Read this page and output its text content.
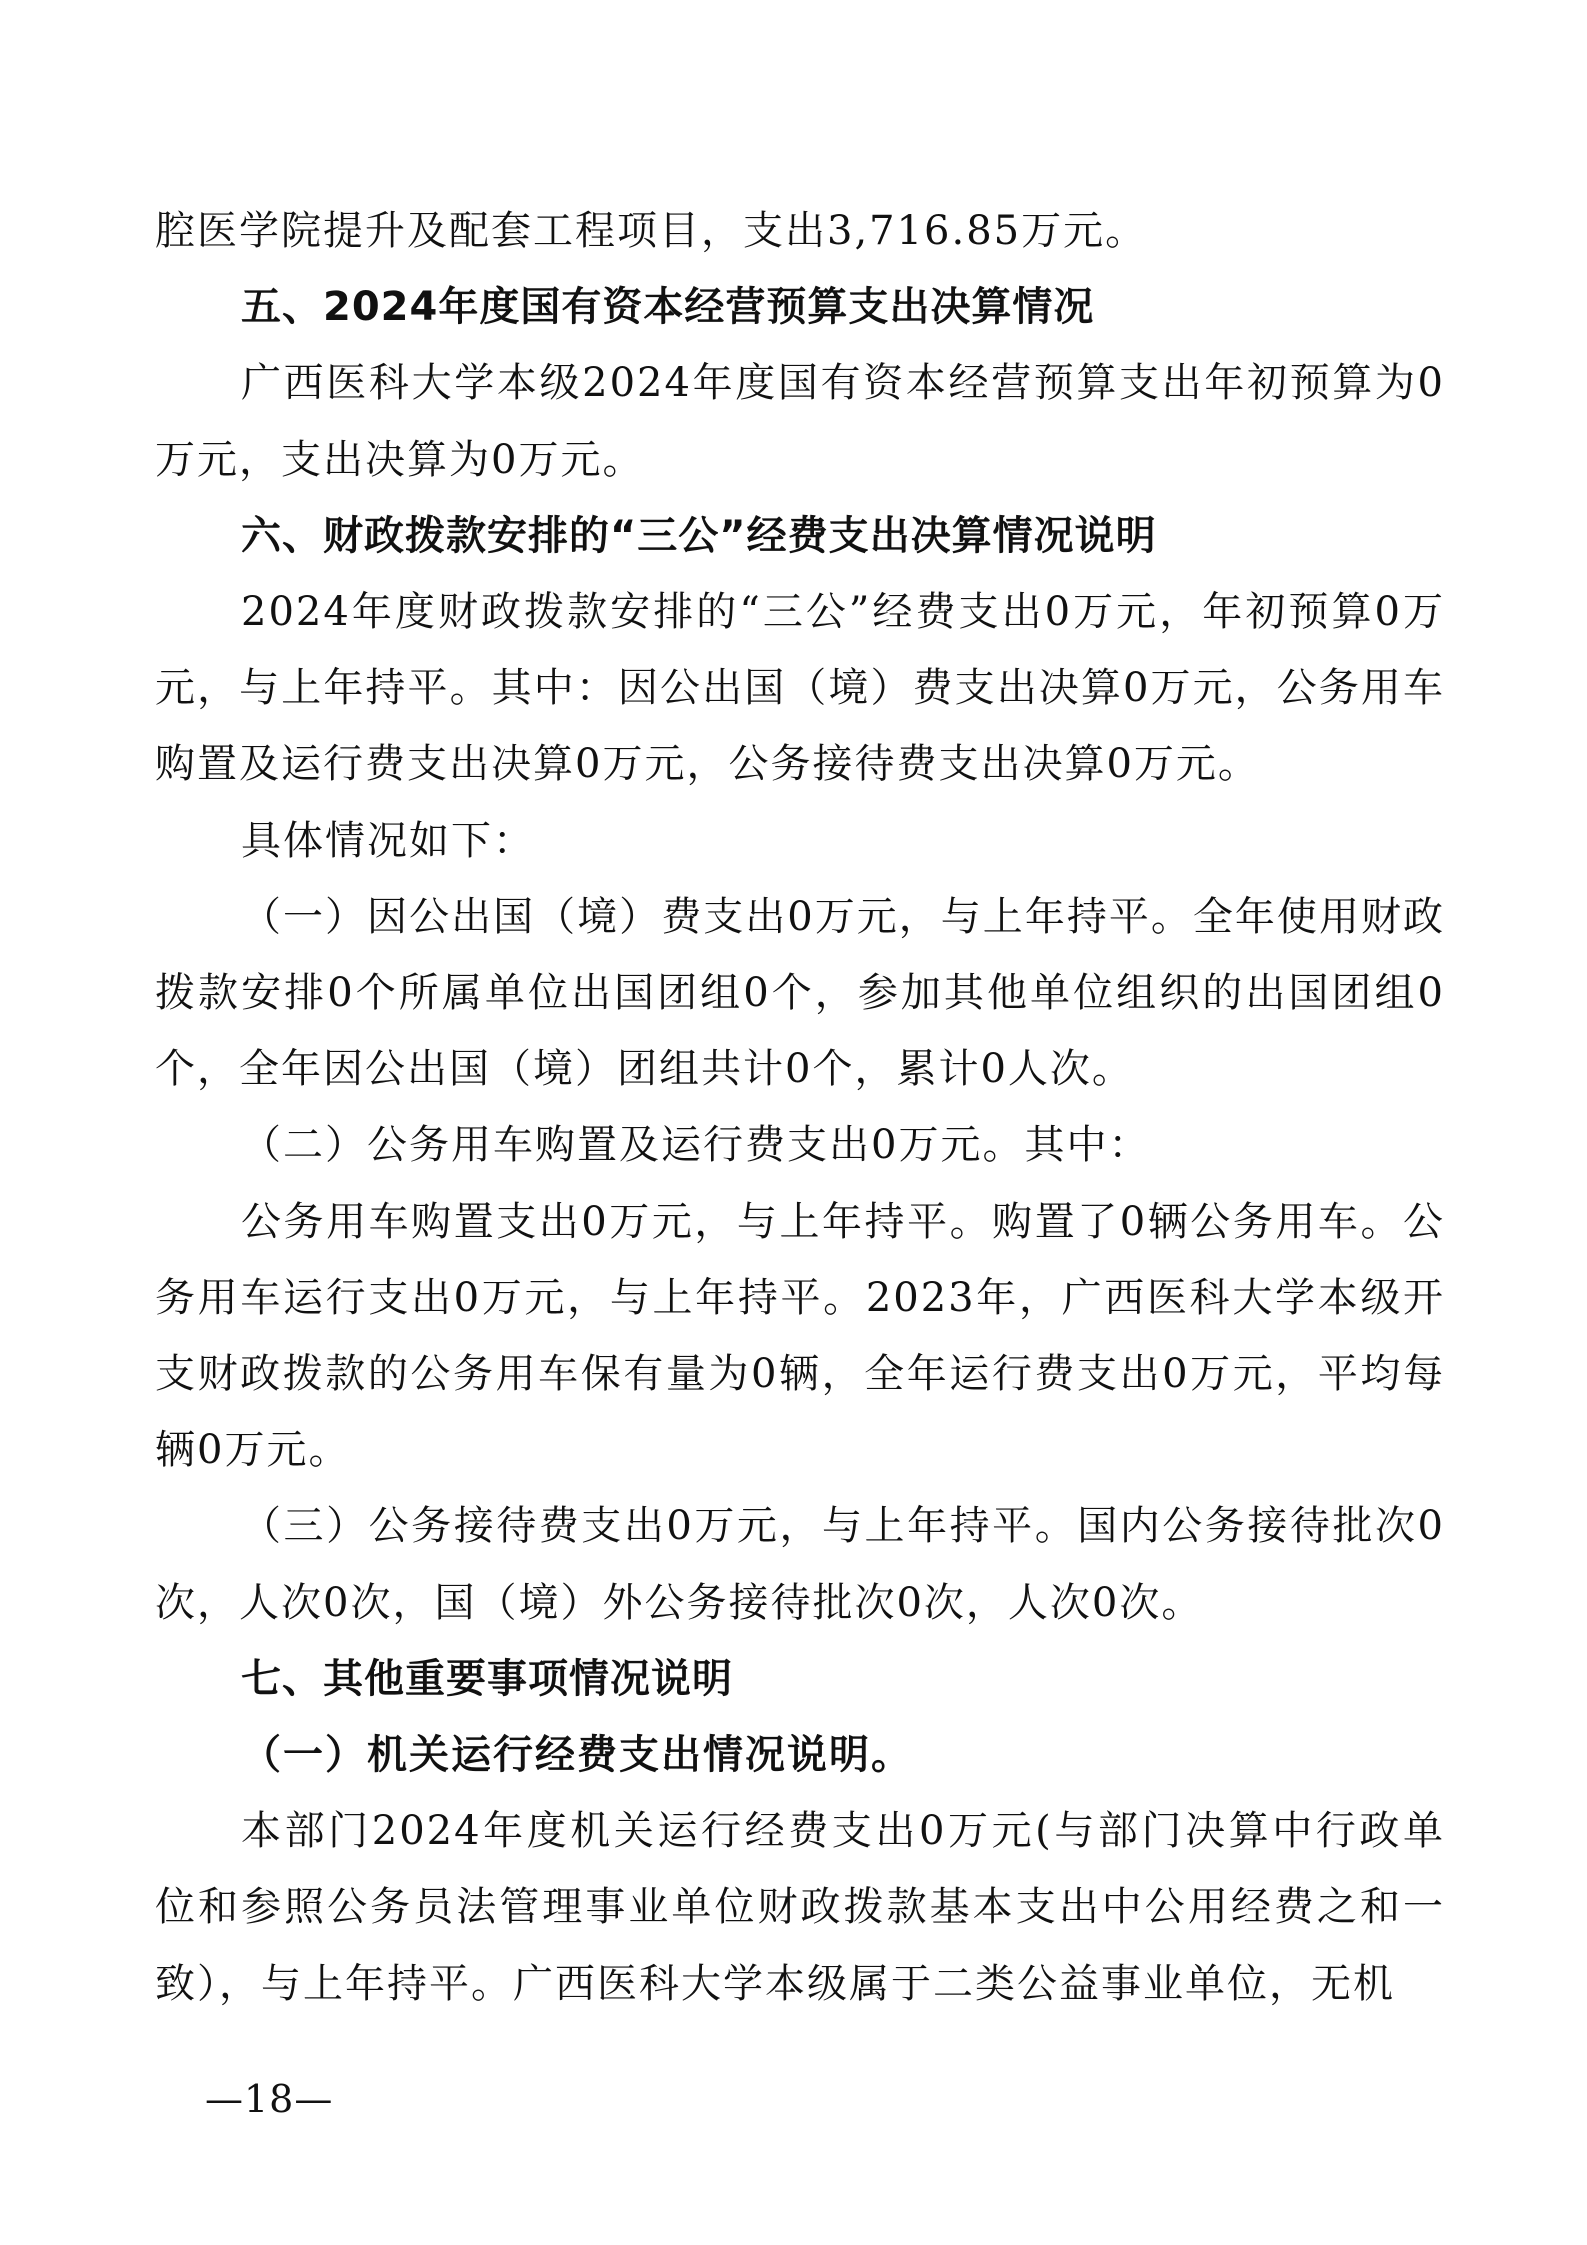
腔医学院提升及配套工程项目，支出3,716.85万元。

五、2024年度国有资本经营预算支出决算情况

广西医科大学本级2024年度国有资本经营预算支出年初预算为0万元，支出决算为0万元。

六、财政拨款安排的“三公”经费支出决算情况说明

2024年度财政拨款安排的“三公”经费支出0万元，年初预算0万元，与上年持平。其中：因公出国（境）费支出决算0万元，公务用车购置及运行费支出决算0万元，公务接待费支出决算0万元。

具体情况如下：

（一）因公出国（境）费支出0万元，与上年持平。全年使用财政拨款安排0个所属单位出国团组0个，参加其他单位组织的出国团组0个，全年因公出国（境）团组共计0个，累计0人次。

（二）公务用车购置及运行费支出0万元。其中：

公务用车购置支出0万元，与上年持平。购置了0辆公务用车。公务用车运行支出0万元，与上年持平。2023年，广西医科大学本级开支财政拨款的公务用车保有量为0辆，全年运行费支出0万元，平均每辆0万元。

（三）公务接待费支出0万元，与上年持平。国内公务接待批次0次，人次0次，国（境）外公务接待批次0次，人次0次。

七、其他重要事项情况说明

（一）机关运行经费支出情况说明。

本部门2024年度机关运行经费支出0万元(与部门决算中行政单位和参照公务员法管理事业单位财政拨款基本支出中公用经费之和一致），与上年持平。广西医科大学本级属于二类公益事业单位，无机

—18—
